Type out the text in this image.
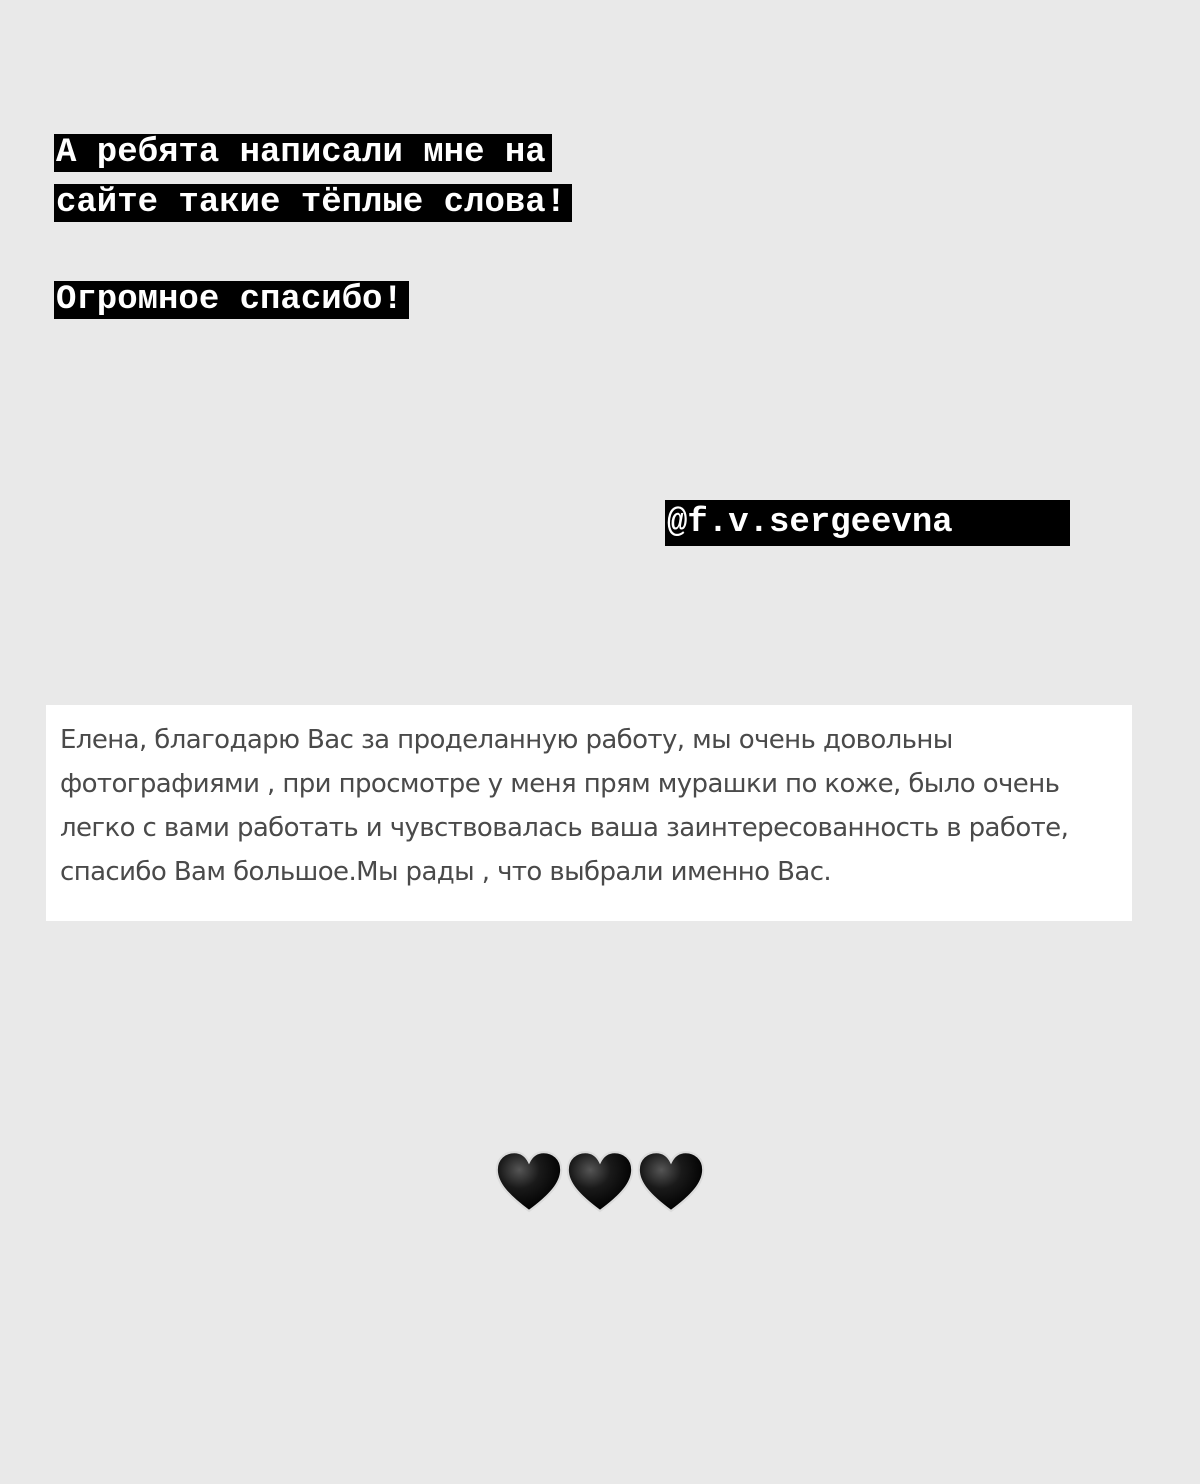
А ребята написали мне на

сайте такие тёплые слова!

Огромное спасибо!

@f.v.sergeevna

Елена, благодарю Вас за проделанную работу, мы очень довольны фотографиями , при просмотре у меня прям мурашки по коже, было очень легко с вами работать и чувствовалась ваша заинтересованность в работе, спасибо Вам большое.Мы рады , что выбрали именно Вас.
